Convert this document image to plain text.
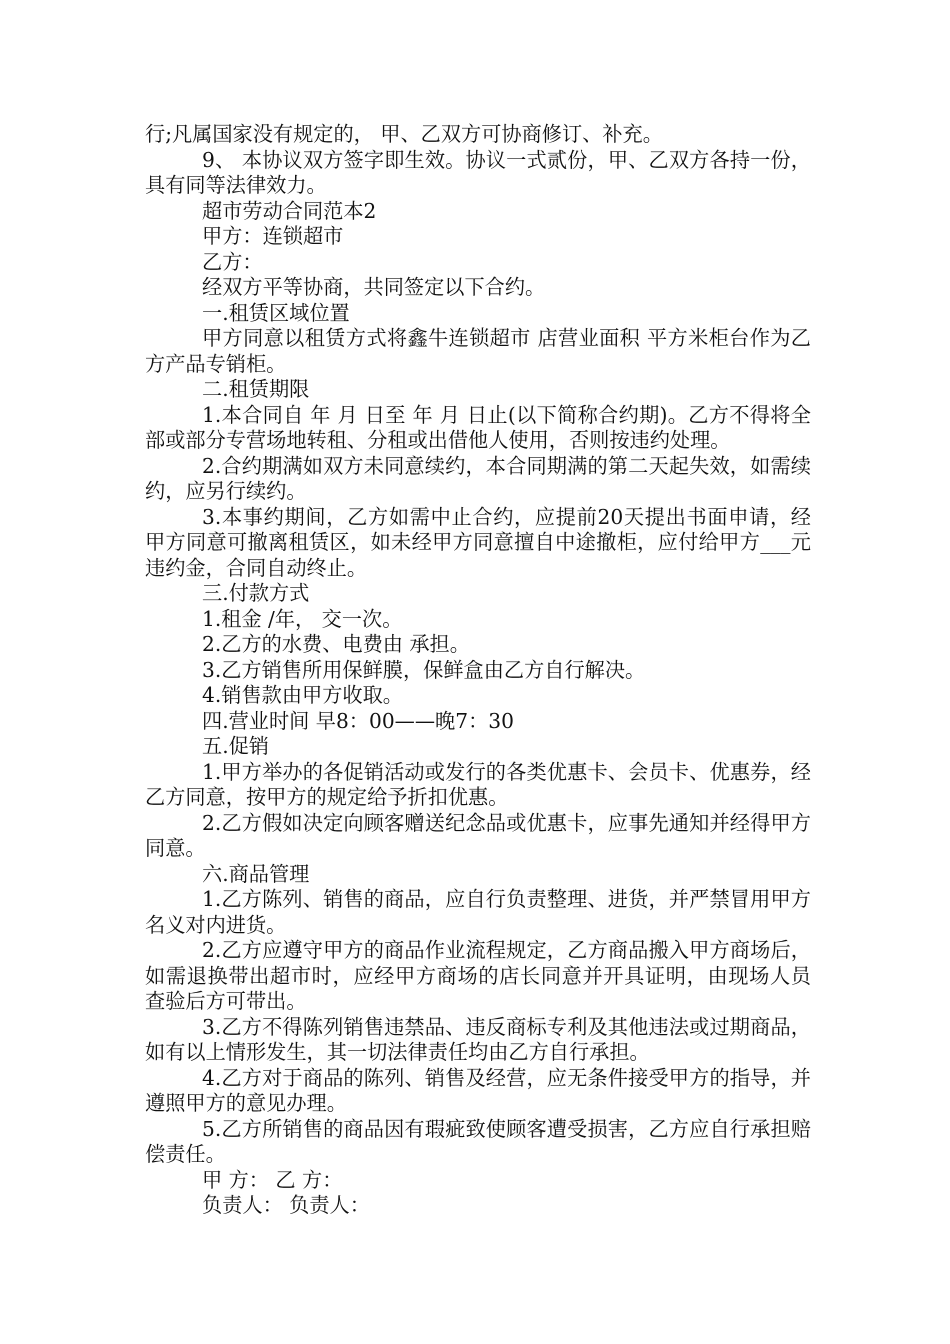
行;凡属国家没有规定的， 甲、乙双方可协商修订、补充。

9、 本协议双方签字即生效。协议一式贰份，甲、乙双方各持一份，具有同等法律效力。

超市劳动合同范本2

甲方：连锁超市

乙方：

经双方平等协商，共同签定以下合约。

一.租赁区域位置

甲方同意以租赁方式将鑫牛连锁超市 店营业面积 平方米柜台作为乙方产品专销柜。

二.租赁期限

1.本合同自 年 月 日至 年 月 日止(以下简称合约期)。乙方不得将全部或部分专营场地转租、分租或出借他人使用，否则按违约处理。

2.合约期满如双方未同意续约，本合同期满的第二天起失效，如需续约，应另行续约。

3.本事约期间，乙方如需中止合约，应提前20天提出书面申请，经甲方同意可撤离租赁区，如未经甲方同意擅自中途撤柜，应付给甲方___元违约金，合同自动终止。

三.付款方式

1.租金 /年， 交一次。

2.乙方的水费、电费由 承担。

3.乙方销售所用保鲜膜，保鲜盒由乙方自行解决。

4.销售款由甲方收取。

四.营业时间 早8：00——晚7：30

五.促销

1.甲方举办的各促销活动或发行的各类优惠卡、会员卡、优惠券，经乙方同意，按甲方的规定给予折扣优惠。

2.乙方假如决定向顾客赠送纪念品或优惠卡，应事先通知并经得甲方同意。

六.商品管理

1.乙方陈列、销售的商品，应自行负责整理、进货，并严禁冒用甲方名义对内进货。

2.乙方应遵守甲方的商品作业流程规定，乙方商品搬入甲方商场后，如需退换带出超市时，应经甲方商场的店长同意并开具证明，由现场人员查验后方可带出。

3.乙方不得陈列销售违禁品、违反商标专利及其他违法或过期商品，如有以上情形发生，其一切法律责任均由乙方自行承担。

4.乙方对于商品的陈列、销售及经营，应无条件接受甲方的指导，并遵照甲方的意见办理。

5.乙方所销售的商品因有瑕疵致使顾客遭受损害，乙方应自行承担赔偿责任。

甲 方： 乙 方：

负责人： 负责人：
